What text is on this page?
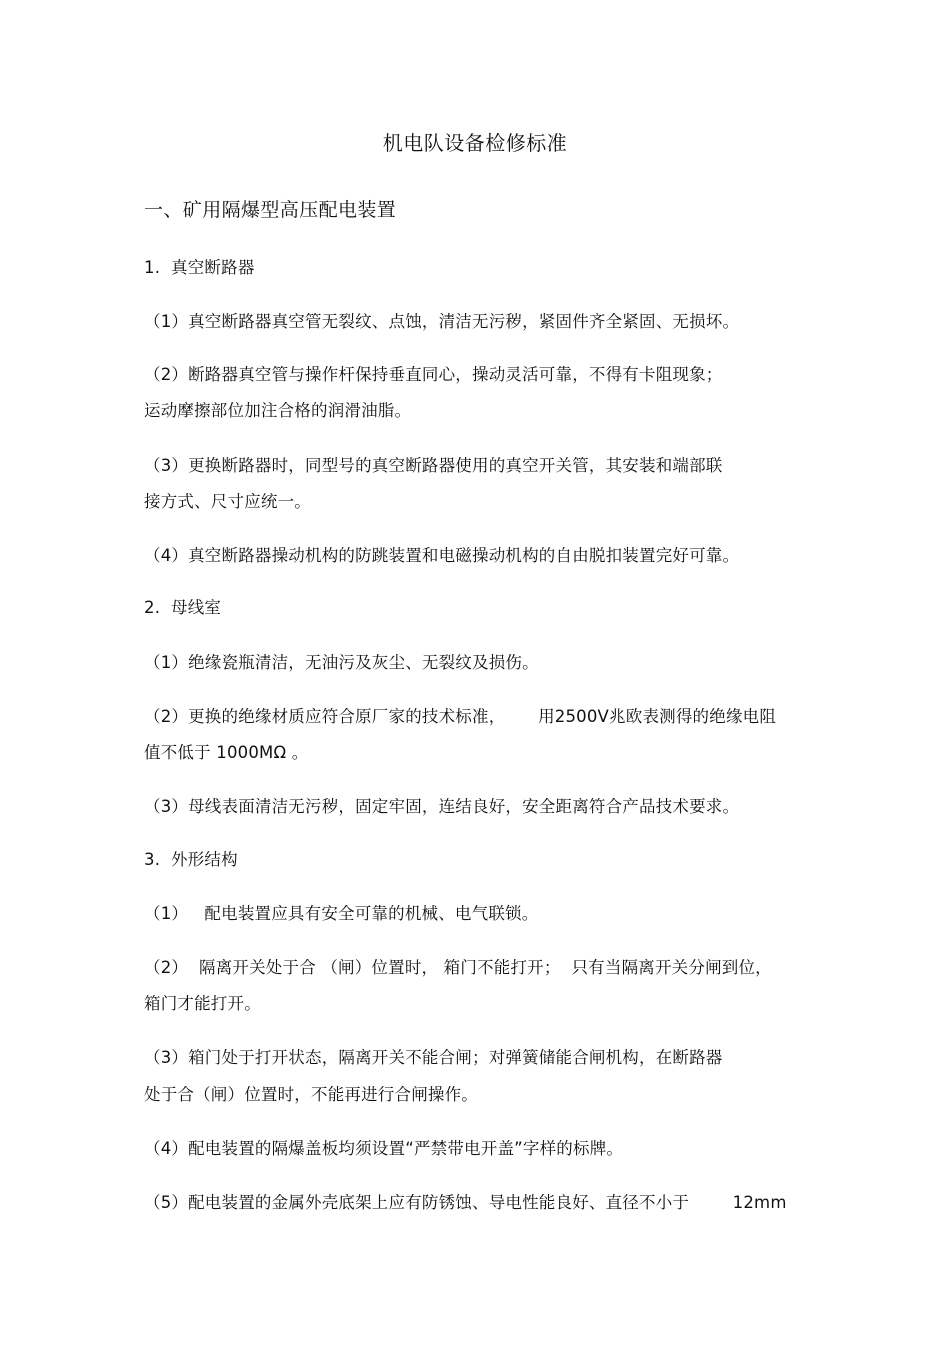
机电队设备检修标准
一、矿用隔爆型高压配电装置
1.  真空断路器
（1）真空断路器真空管无裂纹、点蚀，清洁无污秽，紧固件齐全紧固、无损坏。
（2）断路器真空管与操作杆保持垂直同心，操动灵活可靠，不得有卡阻现象；
运动摩擦部位加注合格的润滑油脂。
（3）更换断路器时，同型号的真空断路器使用的真空开关管，其安装和端部联
接方式、尺寸应统一。
（4）真空断路器操动机构的防跳装置和电磁操动机构的自由脱扣装置完好可靠。
2.  母线室
（1）绝缘瓷瓶清洁，无油污及灰尘、无裂纹及损伤。
（2）更换的绝缘材质应符合原厂家的技术标准，      用2500V兆欧表测得的绝缘电阻
值不低于 1000MΩ 。
（3）母线表面清洁无污秽，固定牢固，连结良好，安全距离符合产品技术要求。
3.  外形结构
（1）   配电装置应具有安全可靠的机械、电气联锁。
（2）  隔离开关处于合 （闸）位置时， 箱门不能打开；  只有当隔离开关分闸到位，
箱门才能打开。
（3）箱门处于打开状态，隔离开关不能合闸；对弹簧储能合闸机构，在断路器
处于合（闸）位置时，不能再进行合闸操作。
（4）配电装置的隔爆盖板均须设置“严禁带电开盖”字样的标牌。
（5）配电装置的金属外壳底架上应有防锈蚀、导电性能良好、直径不小于        12mm
